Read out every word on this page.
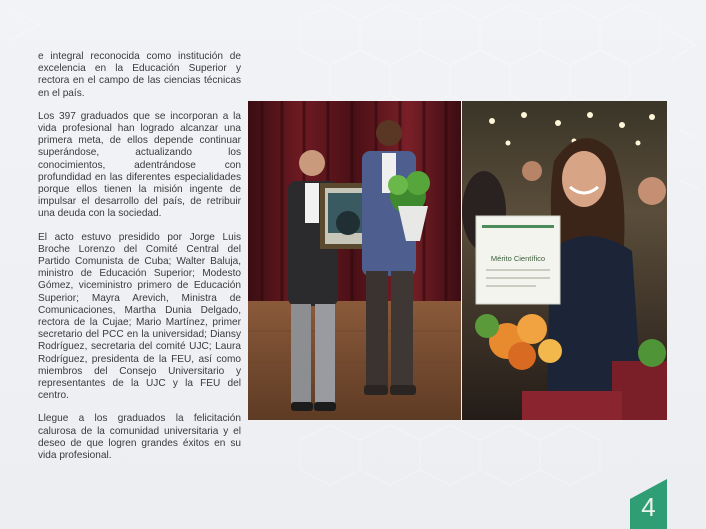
e integral reconocida como institución de excelencia en la Educación Superior y rectora en el campo de las ciencias técnicas en el país.

Los 397 graduados que se incorporan a la vida profesional han logrado alcanzar una primera meta, de ellos depende continuar superándose, actualizando los conocimientos, adentrándose con profundidad en las diferentes especialidades porque ellos tienen la misión ingente de impulsar el desarrollo del país, de retribuir una deuda con la sociedad.

El acto estuvo presidido por Jorge Luis Broche Lorenzo del Comité Central del Partido Comunista de Cuba; Walter Baluja, ministro de Educación Superior; Modesto Gómez, viceministro primero de Educación Superior; Mayra Arevich, Ministra de Comunicaciones, Martha Dunia Delgado, rectora de la Cujae; Mario Martínez, primer secretario del PCC en la universidad; Diansy Rodríguez, secretaria del comité UJC; Laura Rodríguez, presidenta de la FEU, así como miembros del Consejo Universitario y representantes de la UJC y la FEU del centro.

Llegue a los graduados la felicitación calurosa de la comunidad universitaria y el deseo de que logren grandes éxitos en su vida profesional.

Mérito Científico
4
